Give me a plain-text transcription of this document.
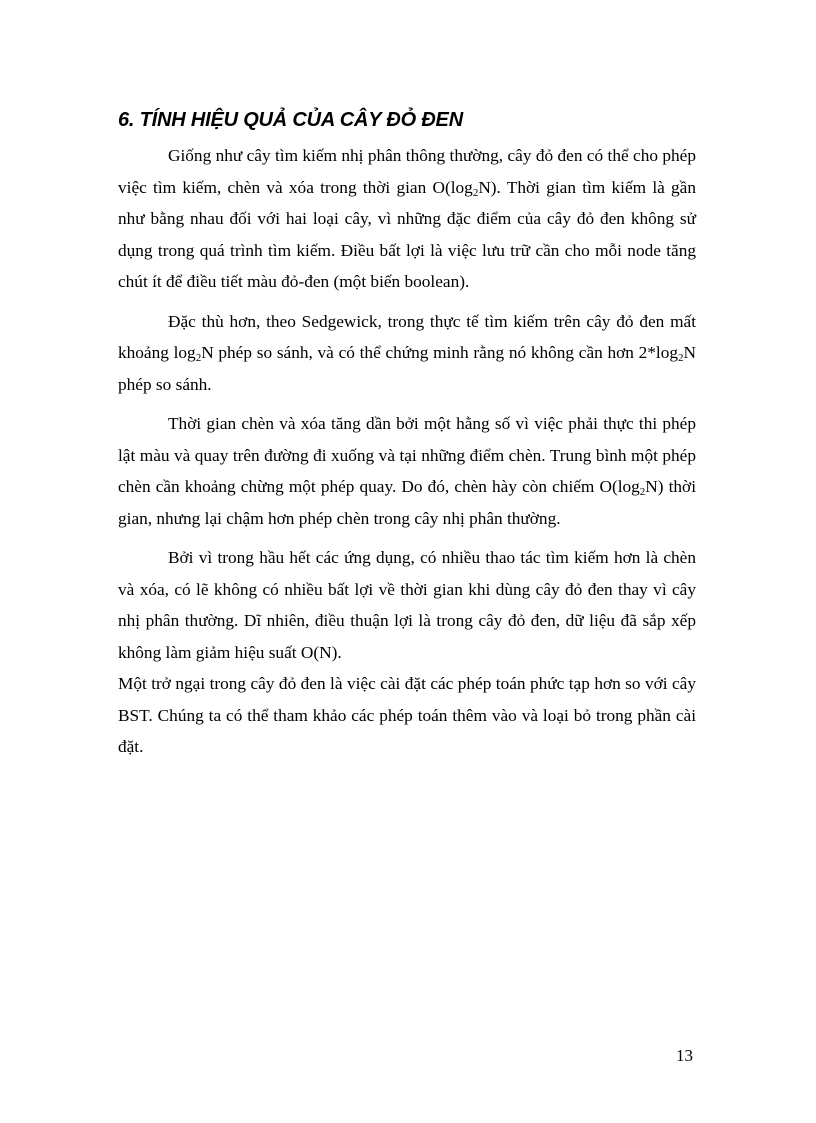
6. TÍNH HIỆU QUẢ CỦA CÂY ĐỎ ĐEN

Giống như cây tìm kiếm nhị phân thông thường, cây đỏ đen có thể cho phép việc tìm kiếm, chèn và xóa trong thời gian $O(\log_2N)$. Thời gian tìm kiếm là gần như bằng nhau đối với hai loại cây, vì những đặc điểm của cây đỏ đen không sử dụng trong quá trình tìm kiếm. Điều bất lợi là việc lưu trữ cần cho mỗi node tăng chút ít để điều tiết màu đỏ-đen (một biến boolean).

Đặc thù hơn, theo Sedgewick, trong thực tế tìm kiếm trên cây đỏ đen mất khoảng $\log_2N$ phép so sánh, và có thể chứng minh rằng nó không cần hơn $2*\log_2N$ phép so sánh.

Thời gian chèn và xóa tăng dần bởi một hằng số vì việc phải thực thi phép lật màu và quay trên đường đi xuống và tại những điểm chèn. Trung bình một phép chèn cần khoảng chừng một phép quay. Do đó, chèn hày còn chiếm $O(\log_2N)$ thời gian, nhưng lại chậm hơn phép chèn trong cây nhị phân thường.

Bởi vì trong hầu hết các ứng dụng, có nhiều thao tác tìm kiếm hơn là chèn và xóa, có lẽ không có nhiều bất lợi về thời gian khi dùng cây đỏ đen thay vì cây nhị phân thường. Dĩ nhiên, điều thuận lợi là trong cây đỏ đen, dữ liệu đã sắp xếp không làm giảm hiệu suất O(N).

Một trở ngại trong cây đỏ đen là việc cài đặt các phép toán phức tạp hơn so với cây BST. Chúng ta có thể tham khảo các phép toán thêm vào và loại bỏ trong phần cài đặt.

13
